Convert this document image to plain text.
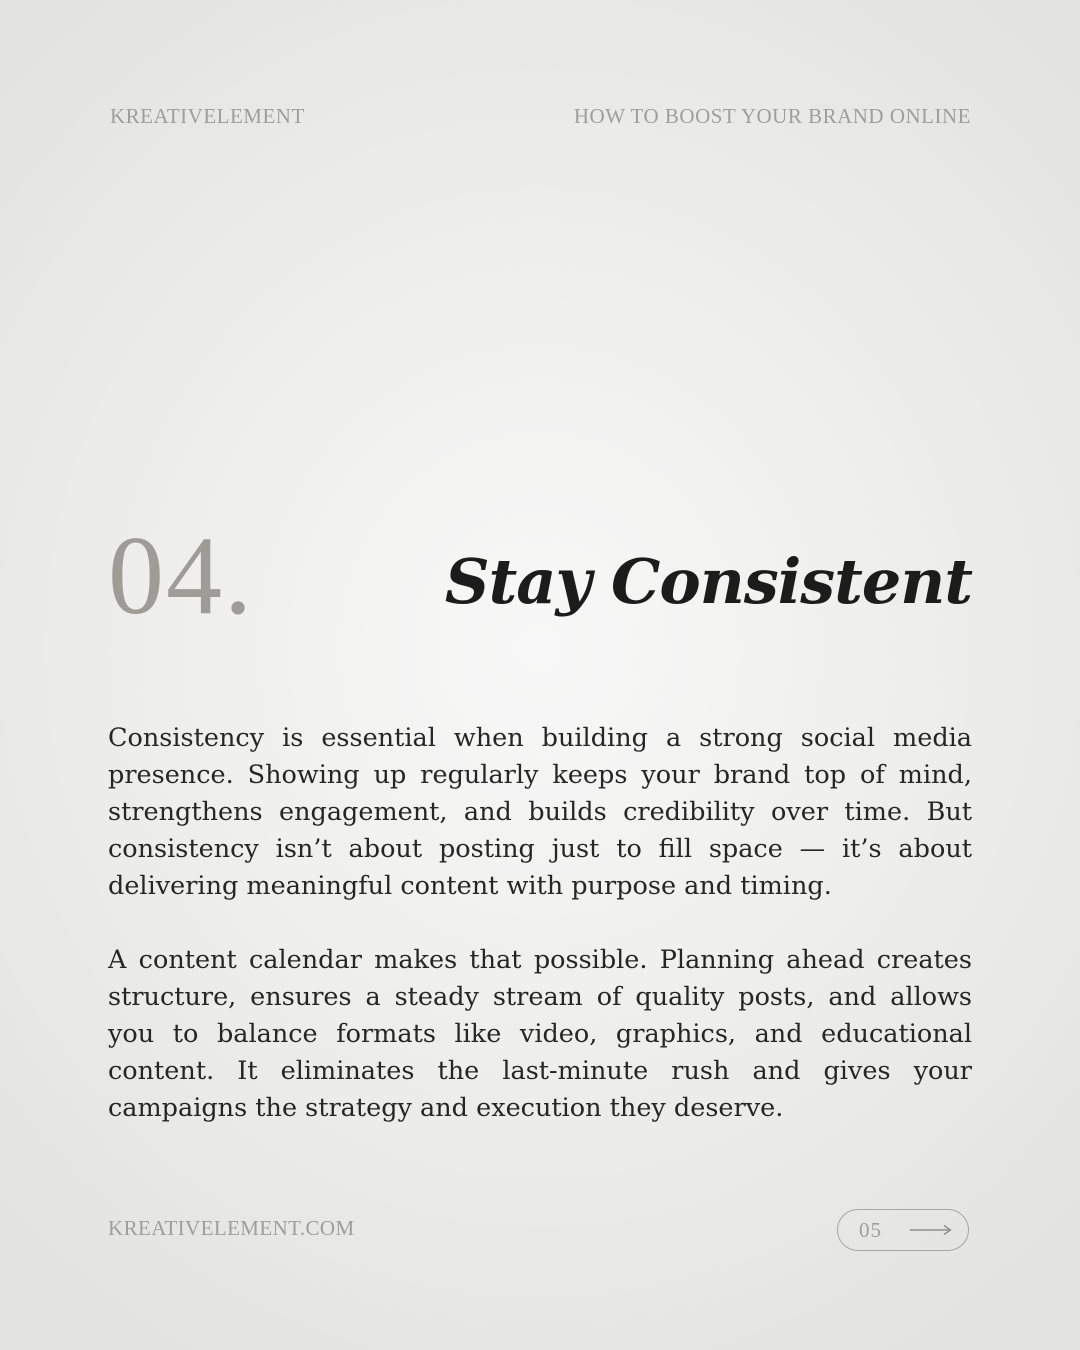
KREATIVELEMENT	HOW TO BOOST YOUR BRAND ONLINE
04.	Stay Consistent

Consistency is essential when building a strong social media presence. Showing up regularly keeps your brand top of mind, strengthens engagement, and builds credibility over time. But consistency isn’t about posting just to fill space — it’s about delivering meaningful content with purpose and timing.

A content calendar makes that possible. Planning ahead creates structure, ensures a steady stream of quality posts, and allows you to balance formats like video, graphics, and educational content. It eliminates the last-minute rush and gives your campaigns the strategy and execution they deserve.

KREATIVELEMENT.COM	05
